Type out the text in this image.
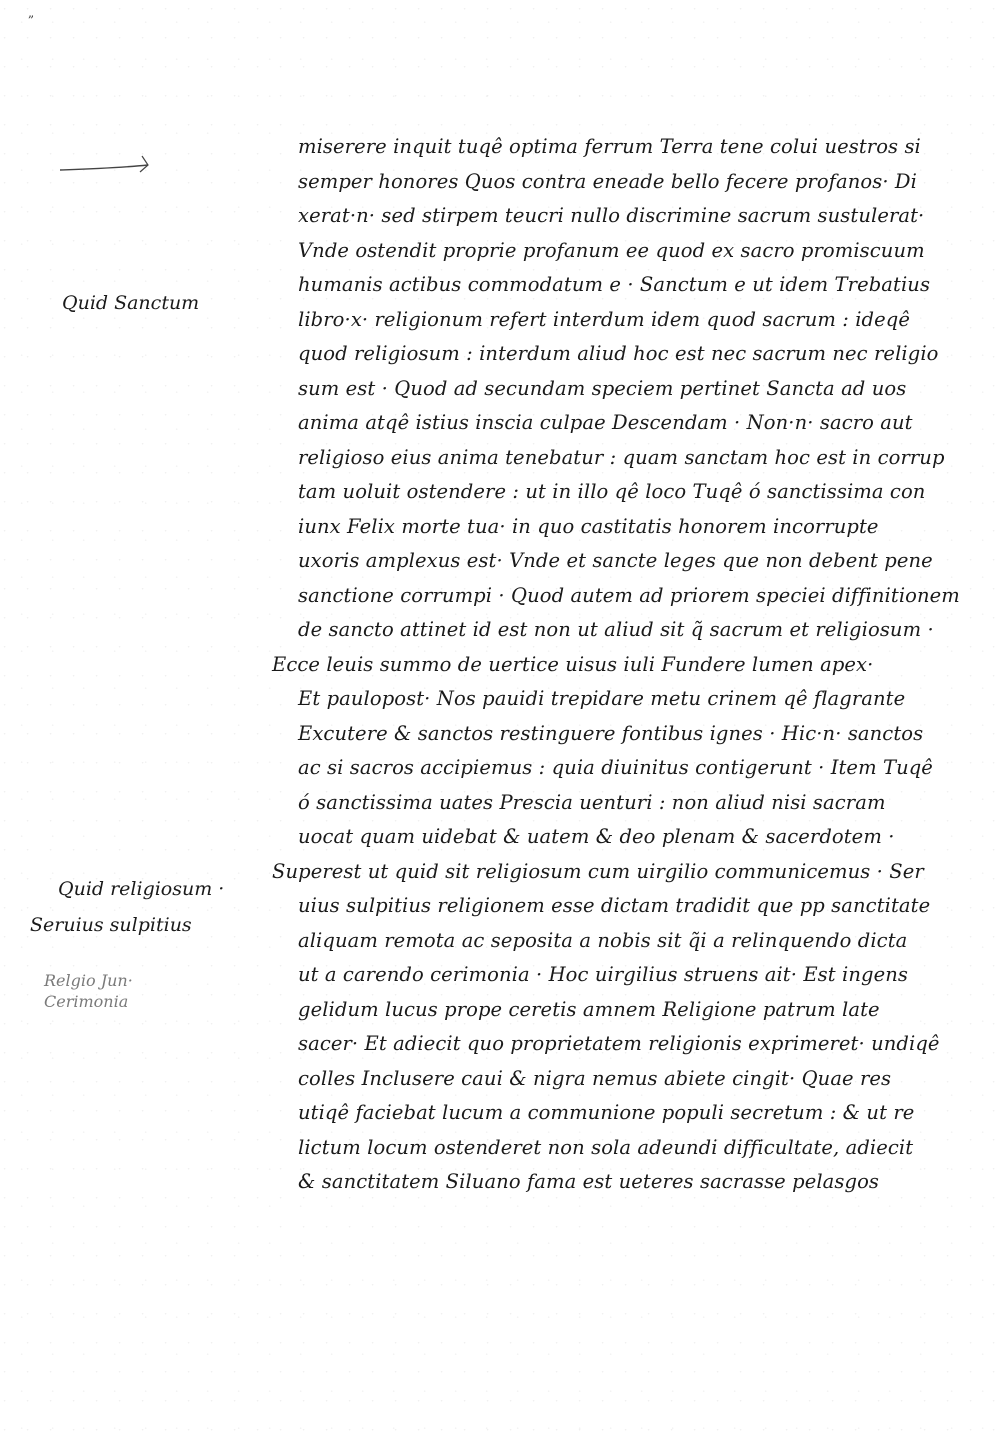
„
Quid Sanctum
Quid religiosum ·
Seruius sulpitius
Relgio Jun·
Cerimonia
miserere inquit tuqê optima ferrum Terra tene colui uestros si
semper honores Quos contra eneade bello fecere profanos· Di
xerat·n· sed stirpem teucri nullo discrimine sacrum sustulerat·
Vnde ostendit proprie profanum ee quod ex sacro promiscuum
humanis actibus commodatum e · Sanctum e ut idem Trebatius
libro·x· religionum refert interdum idem quod sacrum : ideqê
quod religiosum : interdum aliud hoc est nec sacrum nec religio
sum est · Quod ad secundam speciem pertinet Sancta ad uos
anima atqê istius inscia culpae Descendam · Non·n· sacro aut
religioso eius anima tenebatur : quam sanctam hoc est in corrup
tam uoluit ostendere : ut in illo qê loco Tuqê ó sanctissima con
iunx Felix morte tua· in quo castitatis honorem incorrupte
uxoris amplexus est· Vnde et sancte leges que non debent pene
sanctione corrumpi · Quod autem ad priorem speciei diffinitionem
de sancto attinet id est non ut aliud sit q̃ sacrum et religiosum ·
Ecce leuis summo de uertice uisus iuli Fundere lumen apex·
Et paulopost· Nos pauidi trepidare metu crinem qê flagrante
Excutere & sanctos restinguere fontibus ignes · Hic·n· sanctos
ac si sacros accipiemus : quia diuinitus contigerunt · Item Tuqê
ó sanctissima uates Prescia uenturi : non aliud nisi sacram
uocat quam uidebat & uatem & deo plenam & sacerdotem ·
Superest ut quid sit religiosum cum uirgilio communicemus · Ser
uius sulpitius religionem esse dictam tradidit que pp sanctitate
aliquam remota ac seposita a nobis sit q̃i a relinquendo dicta
ut a carendo cerimonia · Hoc uirgilius struens ait· Est ingens
gelidum lucus prope ceretis amnem Religione patrum late
sacer· Et adiecit quo proprietatem religionis exprimeret· undiqê
colles Inclusere caui & nigra nemus abiete cingit· Quae res
utiqê faciebat lucum a communione populi secretum : & ut re
lictum locum ostenderet non sola adeundi difficultate, adiecit
& sanctitatem Siluano fama est ueteres sacrasse pelasgos
